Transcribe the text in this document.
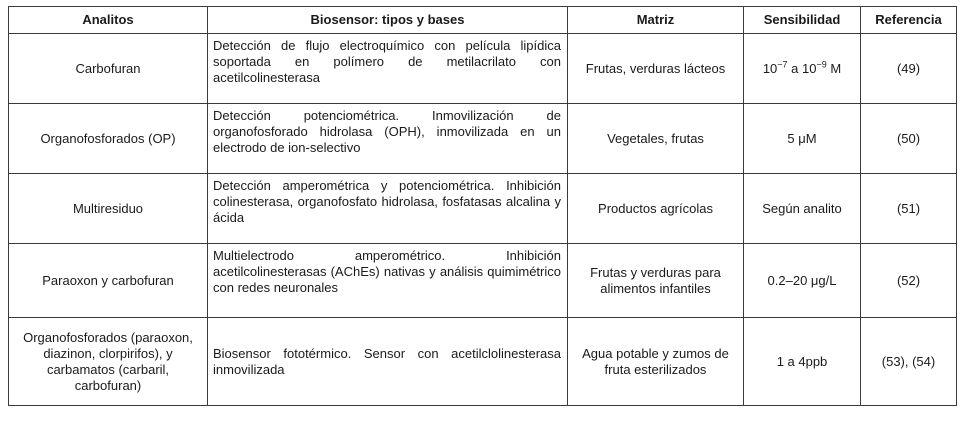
Analitos	Biosensor: tipos y bases	Matriz	Sensibilidad	Referencia
Carbofuran	Detección de flujo electroquímico con película lipídica soportada en polímero de metilacrilato con acetilcolinesterasa	Frutas, verduras lácteos	$10^{-7}$ a $10^{-9}$ M	(49)
Organofosforados (OP)	Detección potenciométrica. Inmovilización de organofosforado hidrolasa (OPH), inmovilizada en un electrodo de ion-selectivo	Vegetales, frutas	5 μM	(50)
Multiresiduo	Detección amperométrica y potenciométrica. Inhibición colinesterasa, organofosfato hidrolasa, fosfatasas alcalina y ácida	Productos agrícolas	Según analito	(51)
Paraoxon y carbofuran	Multielectrodo amperométrico. Inhibición acetilcolinesterasas (AChEs) nativas y análisis quimimétrico con redes neuronales	Frutas y verduras para alimentos infantiles	0.2–20 μg/L	(52)
Organofosforados (paraoxon, diazinon, clorpirifos), y carbamatos (carbaril, carbofuran)	Biosensor fototérmico. Sensor con acetilclolinesterasa inmovilizada	Agua potable y zumos de fruta esterilizados	1 a 4ppb	(53), (54)
